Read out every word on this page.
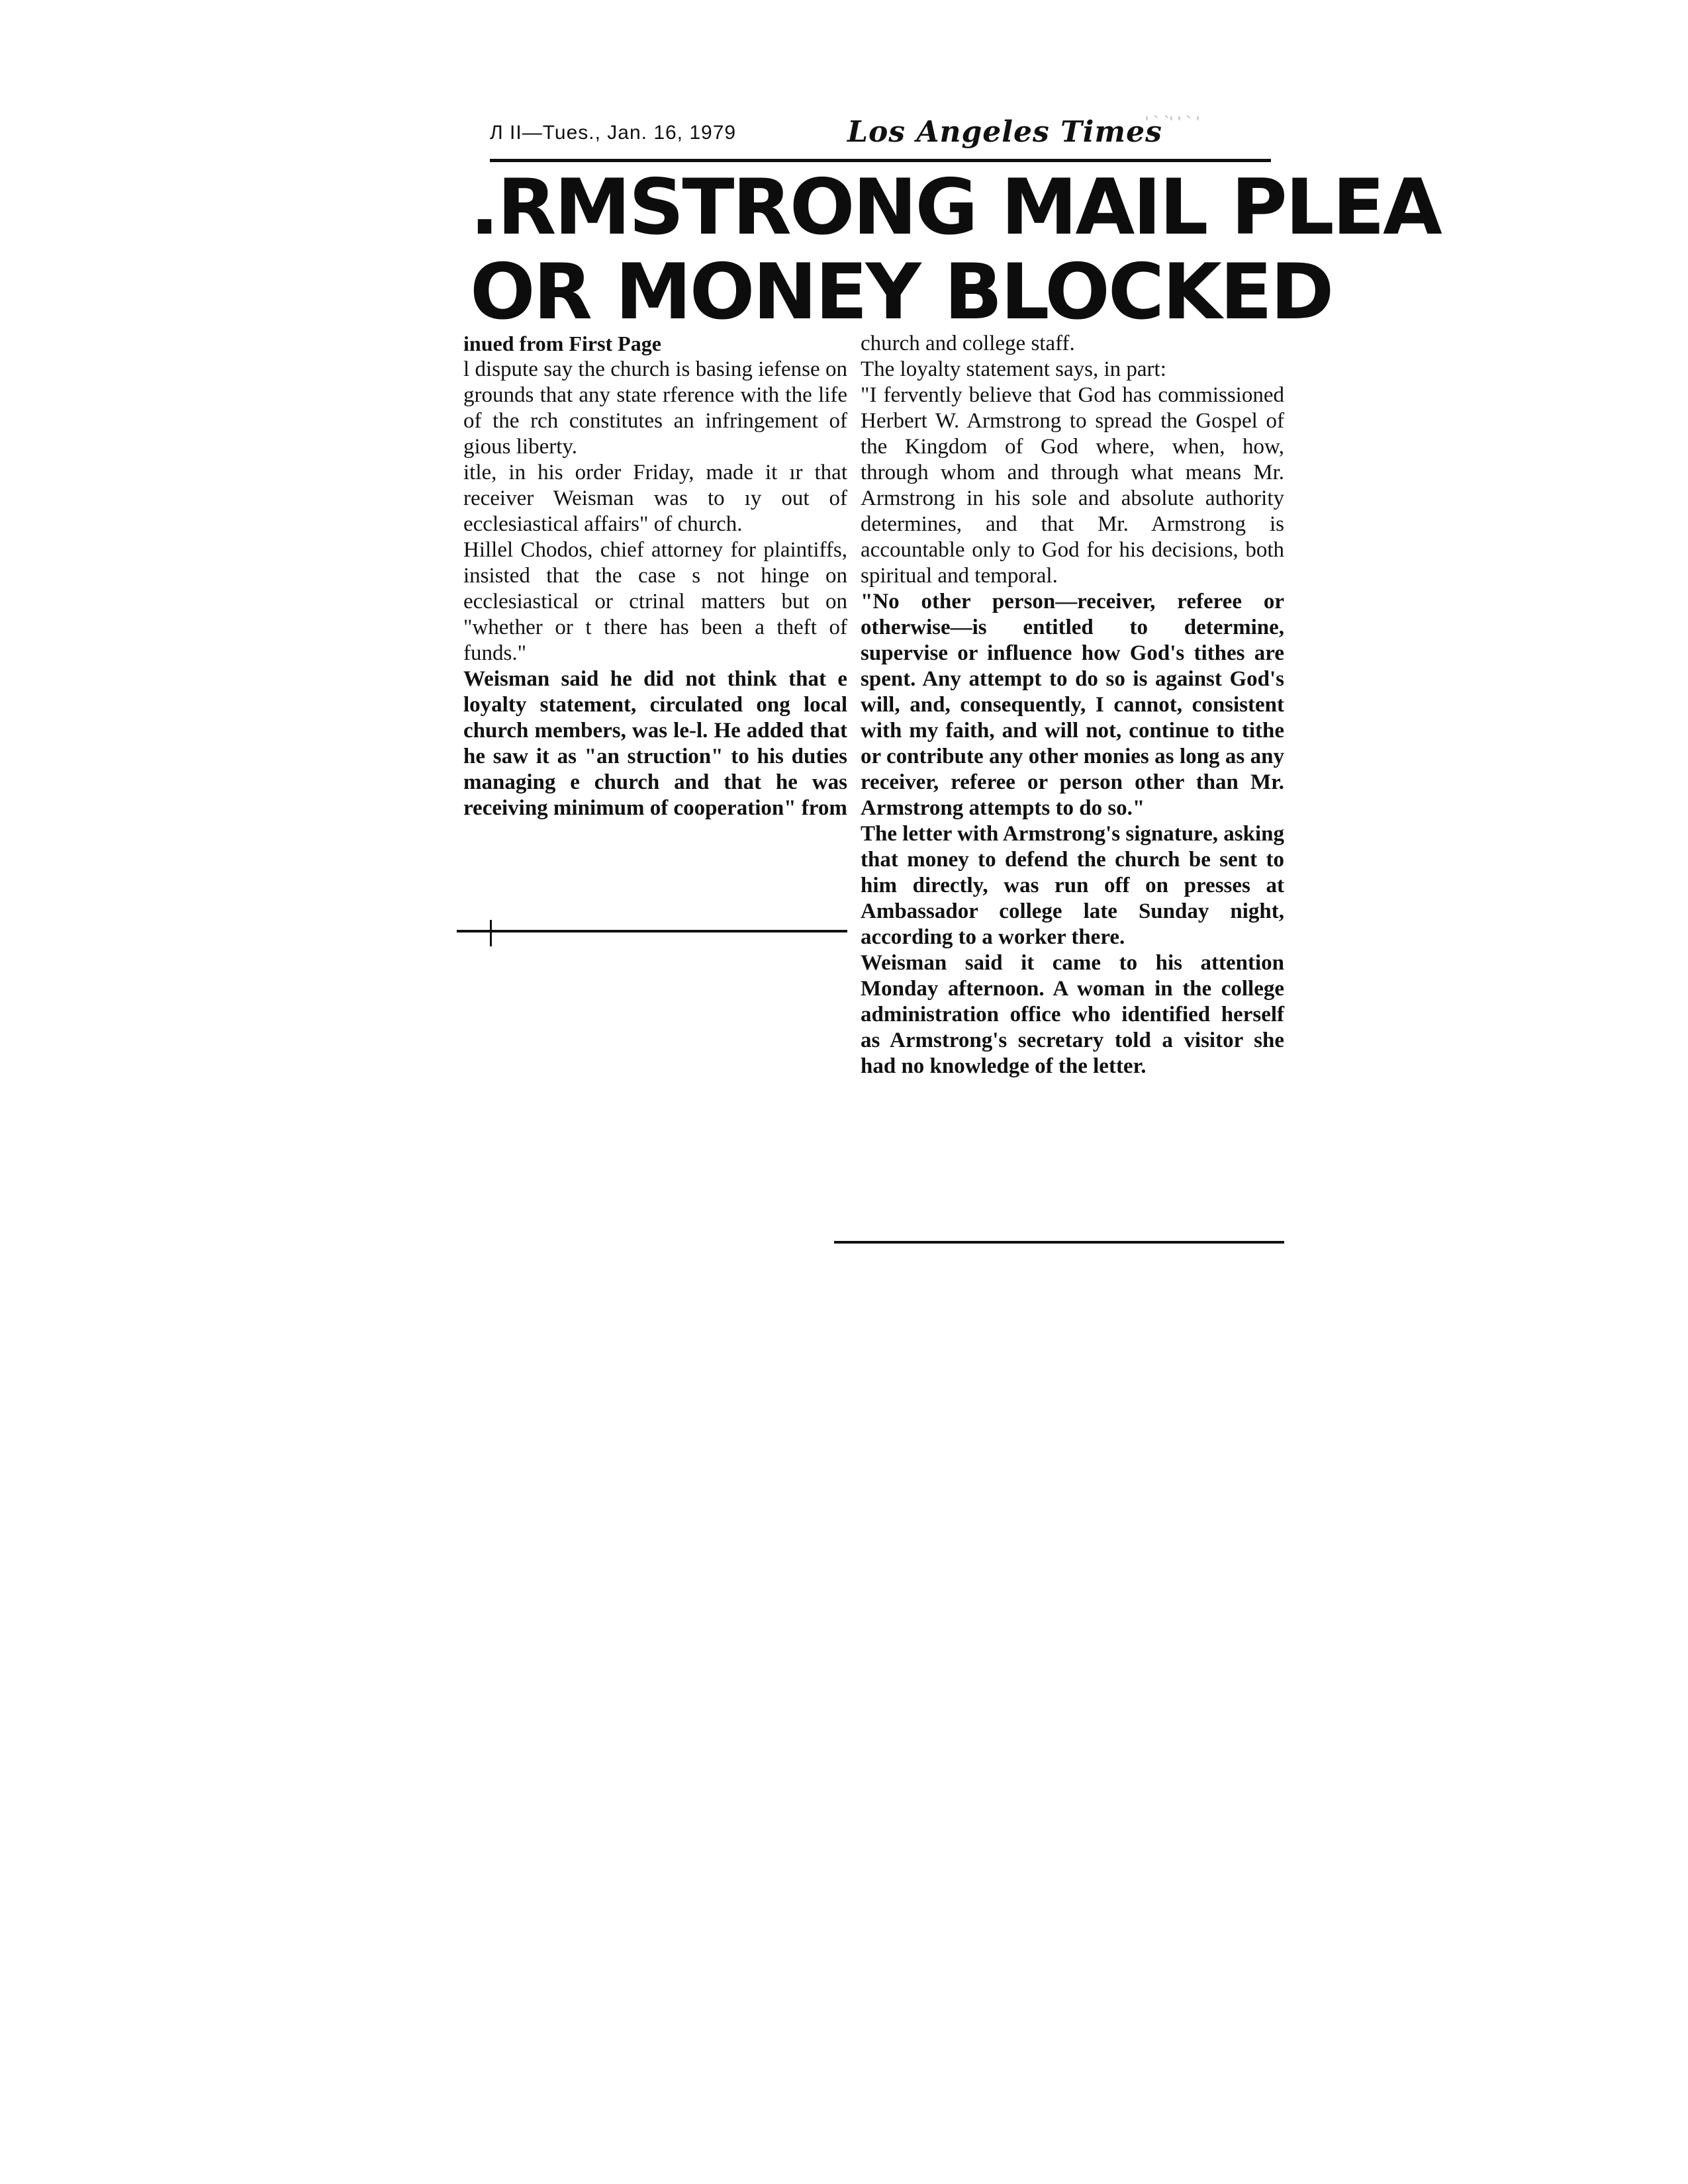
Л II—Tues., Jan. 16, 1979	Los Angeles Times
' ` `' ' ` '
.RMSTRONG MAIL PLEA
OR MONEY BLOCKED

inued from First Page

l dispute say the church is basing iefense on grounds that any state rference with the life of the rch constitutes an infringement of gious liberty.

itle, in his order Friday, made it ır that receiver Weisman was to ıy out of ecclesiastical affairs" of church.

Hillel Chodos, chief attorney for plaintiffs, insisted that the case s not hinge on ecclesiastical or ctrinal matters but on "whether or t there has been a theft of funds."

Weisman said he did not think that e loyalty statement, circulated ong local church members, was le-l. He added that he saw it as "an struction" to his duties managing e church and that he was receiving minimum of cooperation" from

church and college staff.

The loyalty statement says, in part:

"I fervently believe that God has commissioned Herbert W. Armstrong to spread the Gospel of the Kingdom of God where, when, how, through whom and through what means Mr. Armstrong in his sole and absolute authority determines, and that Mr. Armstrong is accountable only to God for his decisions, both spiritual and temporal.

"No other person—receiver, referee or otherwise—is entitled to determine, supervise or influence how God's tithes are spent. Any attempt to do so is against God's will, and, consequently, I cannot, consistent with my faith, and will not, continue to tithe or contribute any other monies as long as any receiver, referee or person other than Mr. Armstrong attempts to do so."

The letter with Armstrong's signature, asking that money to defend the church be sent to him directly, was run off on presses at Ambassador college late Sunday night, according to a worker there.

Weisman said it came to his attention Monday afternoon. A woman in the college administration office who identified herself as Armstrong's secretary told a visitor she had no knowledge of the letter.
